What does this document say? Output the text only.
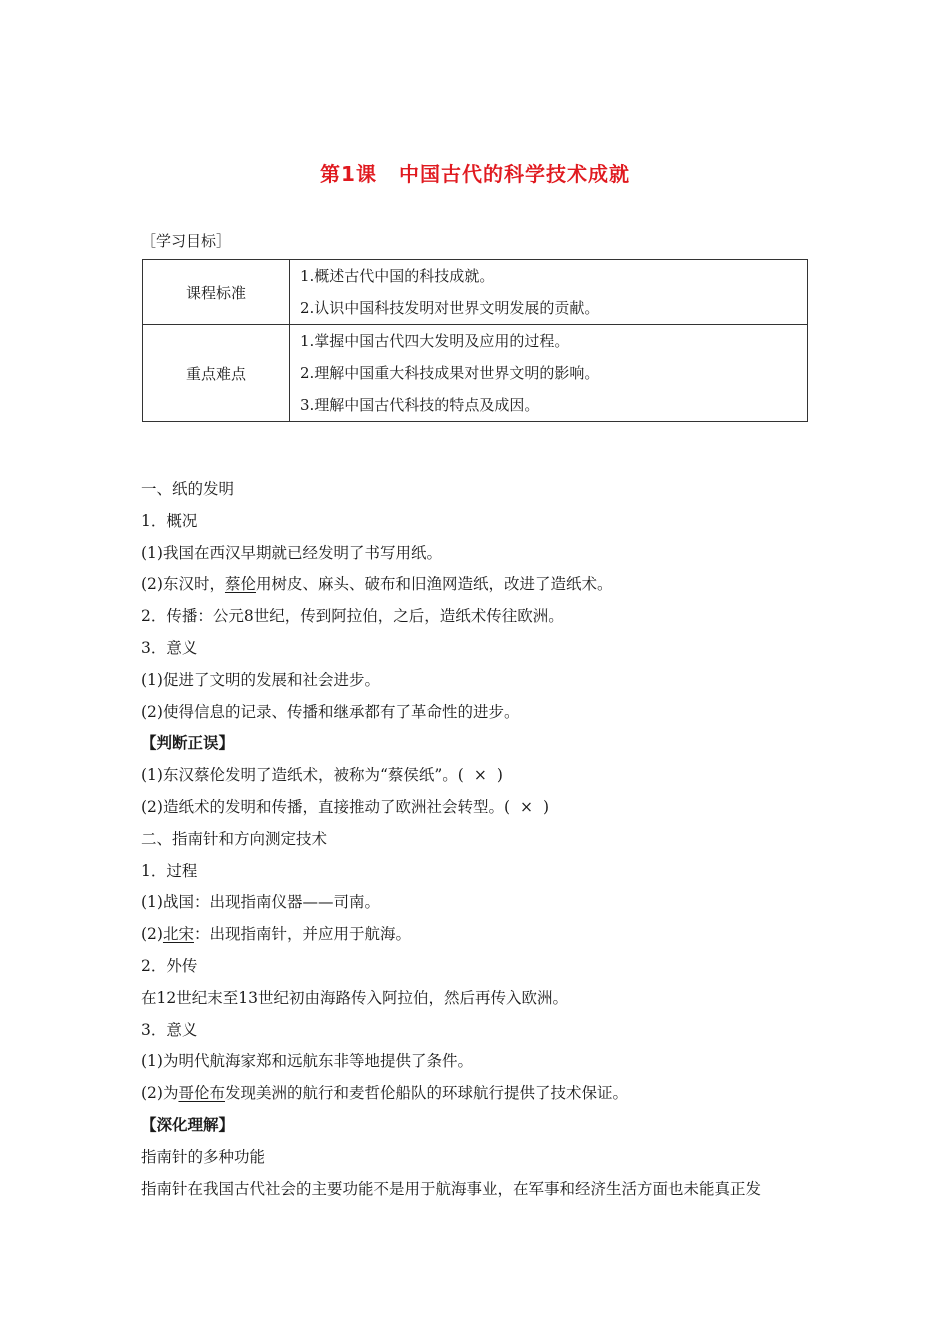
第1课 中国古代的科学技术成就
［学习目标］
课程标准	1.概述古代中国的科技成就。
2.认识中国科技发明对世界文明发展的贡献。

重点难点	1.掌握中国古代四大发明及应用的过程。
2.理解中国重大科技成果对世界文明的影响。
3.理解中国古代科技的特点及成因。
一、纸的发明
1．概况
(1)我国在西汉早期就已经发明了书写用纸。
(2)东汉时，蔡伦用树皮、麻头、破布和旧渔网造纸，改进了造纸术。
2．传播：公元8世纪，传到阿拉伯，之后，造纸术传往欧洲。
3．意义
(1)促进了文明的发展和社会进步。
(2)使得信息的记录、传播和继承都有了革命性的进步。
【判断正误】
(1)东汉蔡伦发明了造纸术，被称为“蔡侯纸”。( × )
(2)造纸术的发明和传播，直接推动了欧洲社会转型。( × )
二、指南针和方向测定技术
1．过程
(1)战国：出现指南仪器——司南。
(2)北宋：出现指南针，并应用于航海。
2．外传
在12世纪末至13世纪初由海路传入阿拉伯，然后再传入欧洲。
3．意义
(1)为明代航海家郑和远航东非等地提供了条件。
(2)为哥伦布发现美洲的航行和麦哲伦船队的环球航行提供了技术保证。
【深化理解】
指南针的多种功能
指南针在我国古代社会的主要功能不是用于航海事业，在军事和经济生活方面也未能真正发
